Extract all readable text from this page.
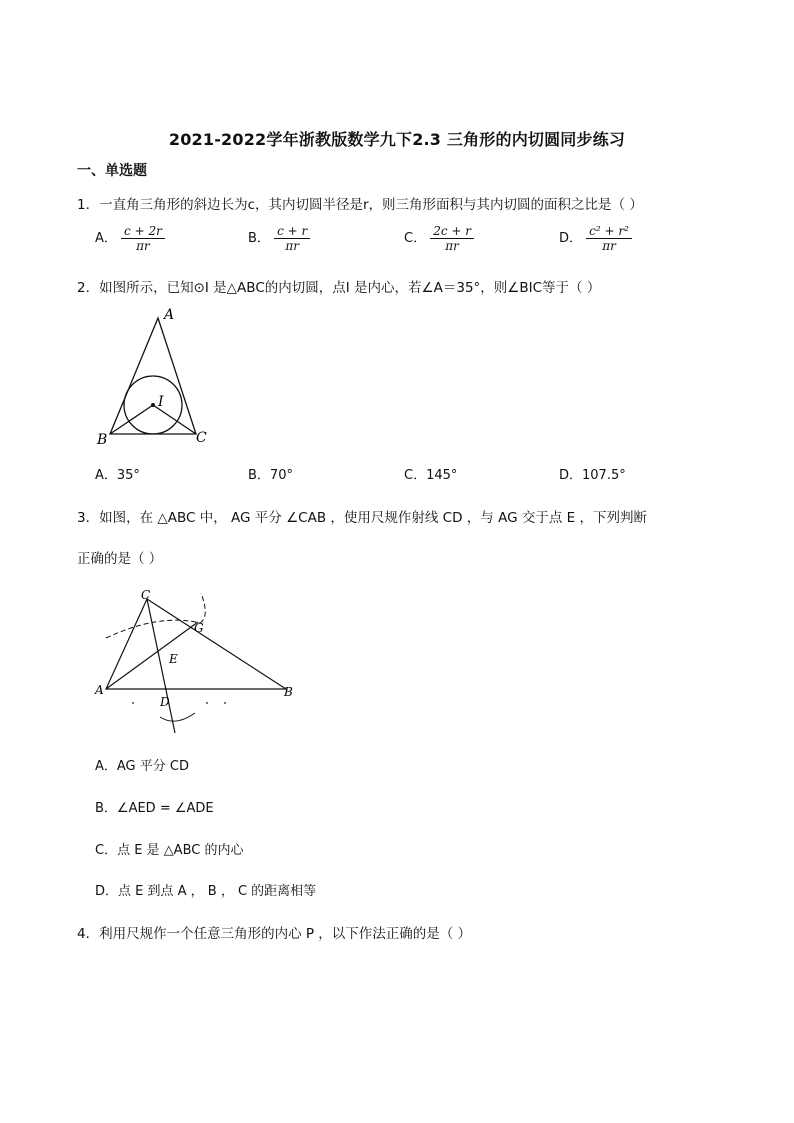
2021-2022学年浙教版数学九下2.3 三角形的内切圆同步练习
一、单选题
1．一直角三角形的斜边长为c，其内切圆半径是r，则三角形面积与其内切圆的面积之比是（ ）
A． $\frac{c + 2r}{\pi r}$	B． $\frac{c + r}{\pi r}$	C． $\frac{2c + r}{\pi r}$	D． $\frac{\text{c² + r²}}{\pi r}$
2．如图所示，已知⊙I 是△ABC的内切圆，点I 是内心，若∠A＝35°，则∠BIC等于（ ）
A
B	C
I
A．35°	B．70°	C．145°	D．107.5°
3．如图，在 △ABC 中， AG 平分 ∠CAB ，使用尺规作射线 CD ，与 AG 交于点 E ，下列判断
正确的是（ ）
C
A	B
G
E
D
A．AG 平分 CD
B．∠AED = ∠ADE
C．点 E 是 △ABC 的内心
D．点 E 到点 A ， B ， C 的距离相等
4．利用尺规作一个任意三角形的内心 P ，以下作法正确的是（ ）
